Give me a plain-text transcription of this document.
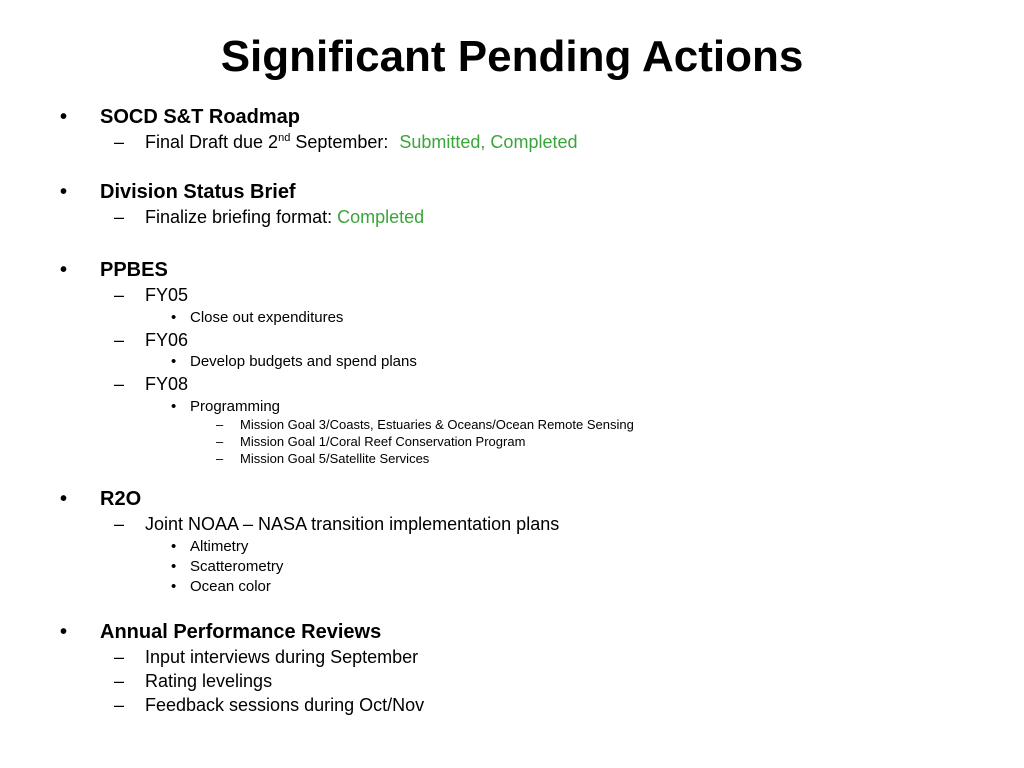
Significant Pending Actions
• SOCD S&T Roadmap
– Final Draft due 2nd September: Submitted, Completed
• Division Status Brief
– Finalize briefing format: Completed
• PPBES
– FY05
• Close out expenditures
– FY06
• Develop budgets and spend plans
– FY08
• Programming
– Mission Goal 3/Coasts, Estuaries & Oceans/Ocean Remote Sensing
– Mission Goal 1/Coral Reef Conservation Program
– Mission Goal 5/Satellite Services
• R2O
– Joint NOAA – NASA transition implementation plans
• Altimetry
• Scatterometry
• Ocean color
• Annual Performance Reviews
– Input interviews during September
– Rating levelings
– Feedback sessions during Oct/Nov
